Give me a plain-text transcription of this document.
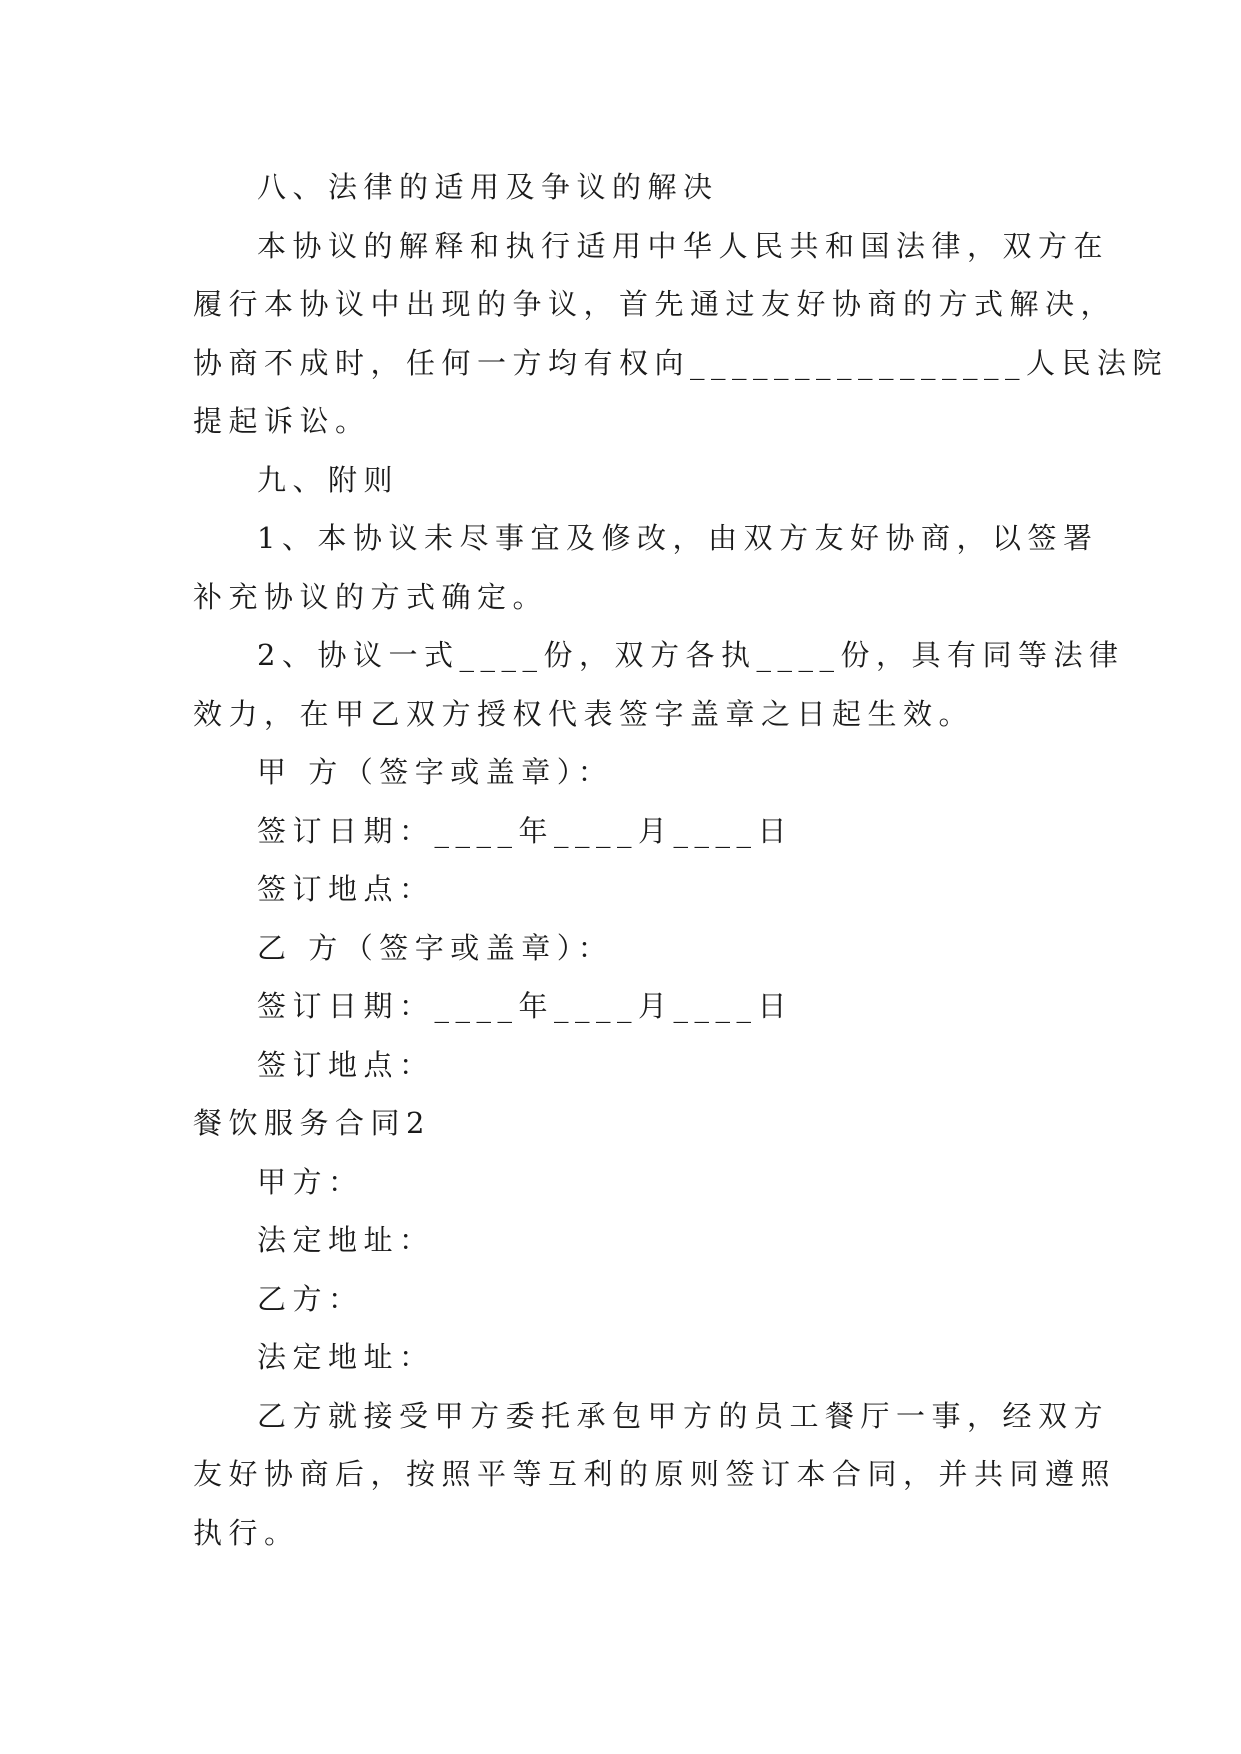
八、法律的适用及争议的解决

本协议的解释和执行适用中华人民共和国法律，双方在

履行本协议中出现的争议，首先通过友好协商的方式解决，

协商不成时，任何一方均有权向________________人民法院

提起诉讼。

九、附则

1、本协议未尽事宜及修改，由双方友好协商，以签署

补充协议的方式确定。

2、协议一式____份，双方各执____份，具有同等法律

效力，在甲乙双方授权代表签字盖章之日起生效。

甲 方（签字或盖章）：

签订日期：____年____月____日

签订地点：

乙 方（签字或盖章）：

签订日期：____年____月____日

签订地点：

餐饮服务合同2

甲方：

法定地址：

乙方：

法定地址：

乙方就接受甲方委托承包甲方的员工餐厅一事，经双方

友好协商后，按照平等互利的原则签订本合同，并共同遵照

执行。
